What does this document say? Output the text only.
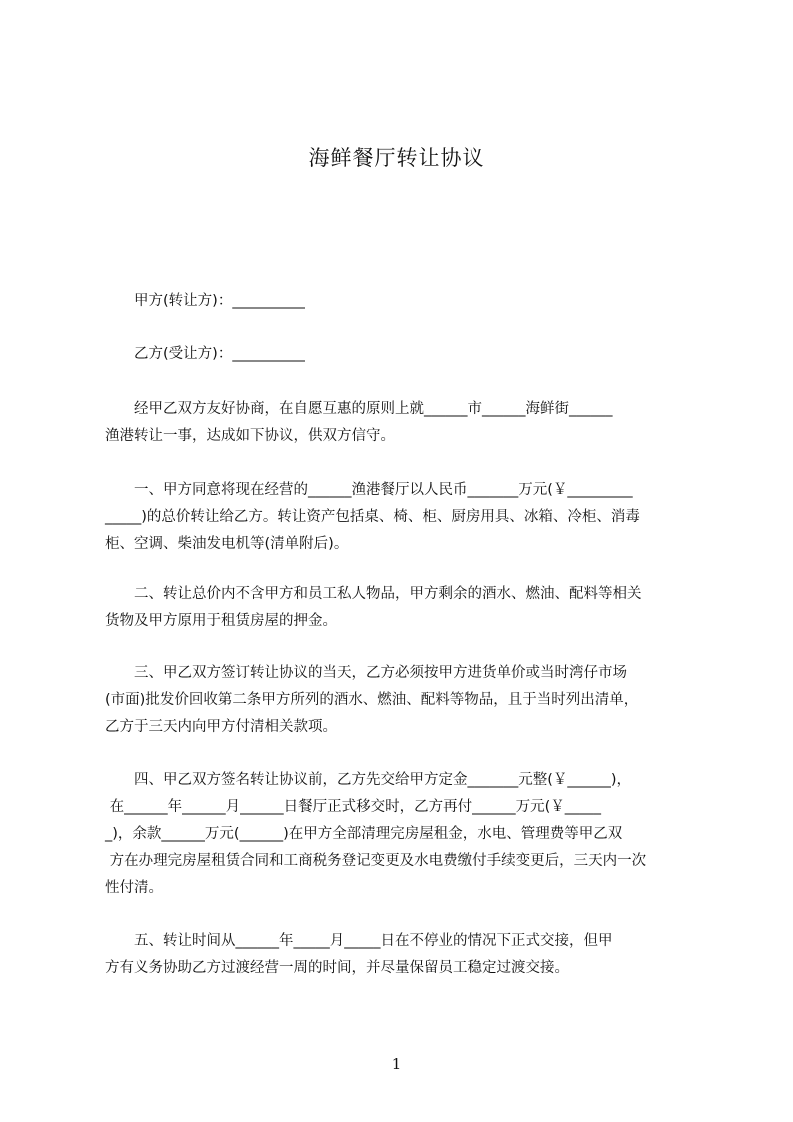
海鲜餐厅转让协议

　　甲方(转让方)：__________

　　乙方(受让方)：__________

　　经甲乙双方友好协商，在自愿互惠的原则上就______市______海鲜街______

渔港转让一事，达成如下协议，供双方信守。

　　一、甲方同意将现在经营的______渔港餐厅以人民币_______万元(￥_________

_____)的总价转让给乙方。转让资产包括桌、椅、柜、厨房用具、冰箱、冷柜、消毒

柜、空调、柴油发电机等(清单附后)。

　　二、转让总价内不含甲方和员工私人物品，甲方剩余的酒水、燃油、配料等相关

货物及甲方原用于租赁房屋的押金。

　　三、甲乙双方签订转让协议的当天，乙方必须按甲方进货单价或当时湾仔市场

(市面)批发价回收第二条甲方所列的酒水、燃油、配料等物品，且于当时列出清单，

乙方于三天内向甲方付清相关款项。

　　四、甲乙双方签名转让协议前，乙方先交给甲方定金_______元整(￥______)，

在______年______月______日餐厅正式移交时，乙方再付______万元(￥_____

_)，余款______万元(______)在甲方全部清理完房屋租金，水电、管理费等甲乙双

方在办理完房屋租赁合同和工商税务登记变更及水电费缴付手续变更后，三天内一次

性付清。

　　五、转让时间从______年_____月_____日在不停业的情况下正式交接，但甲

方有义务协助乙方过渡经营一周的时间，并尽量保留员工稳定过渡交接。

1
